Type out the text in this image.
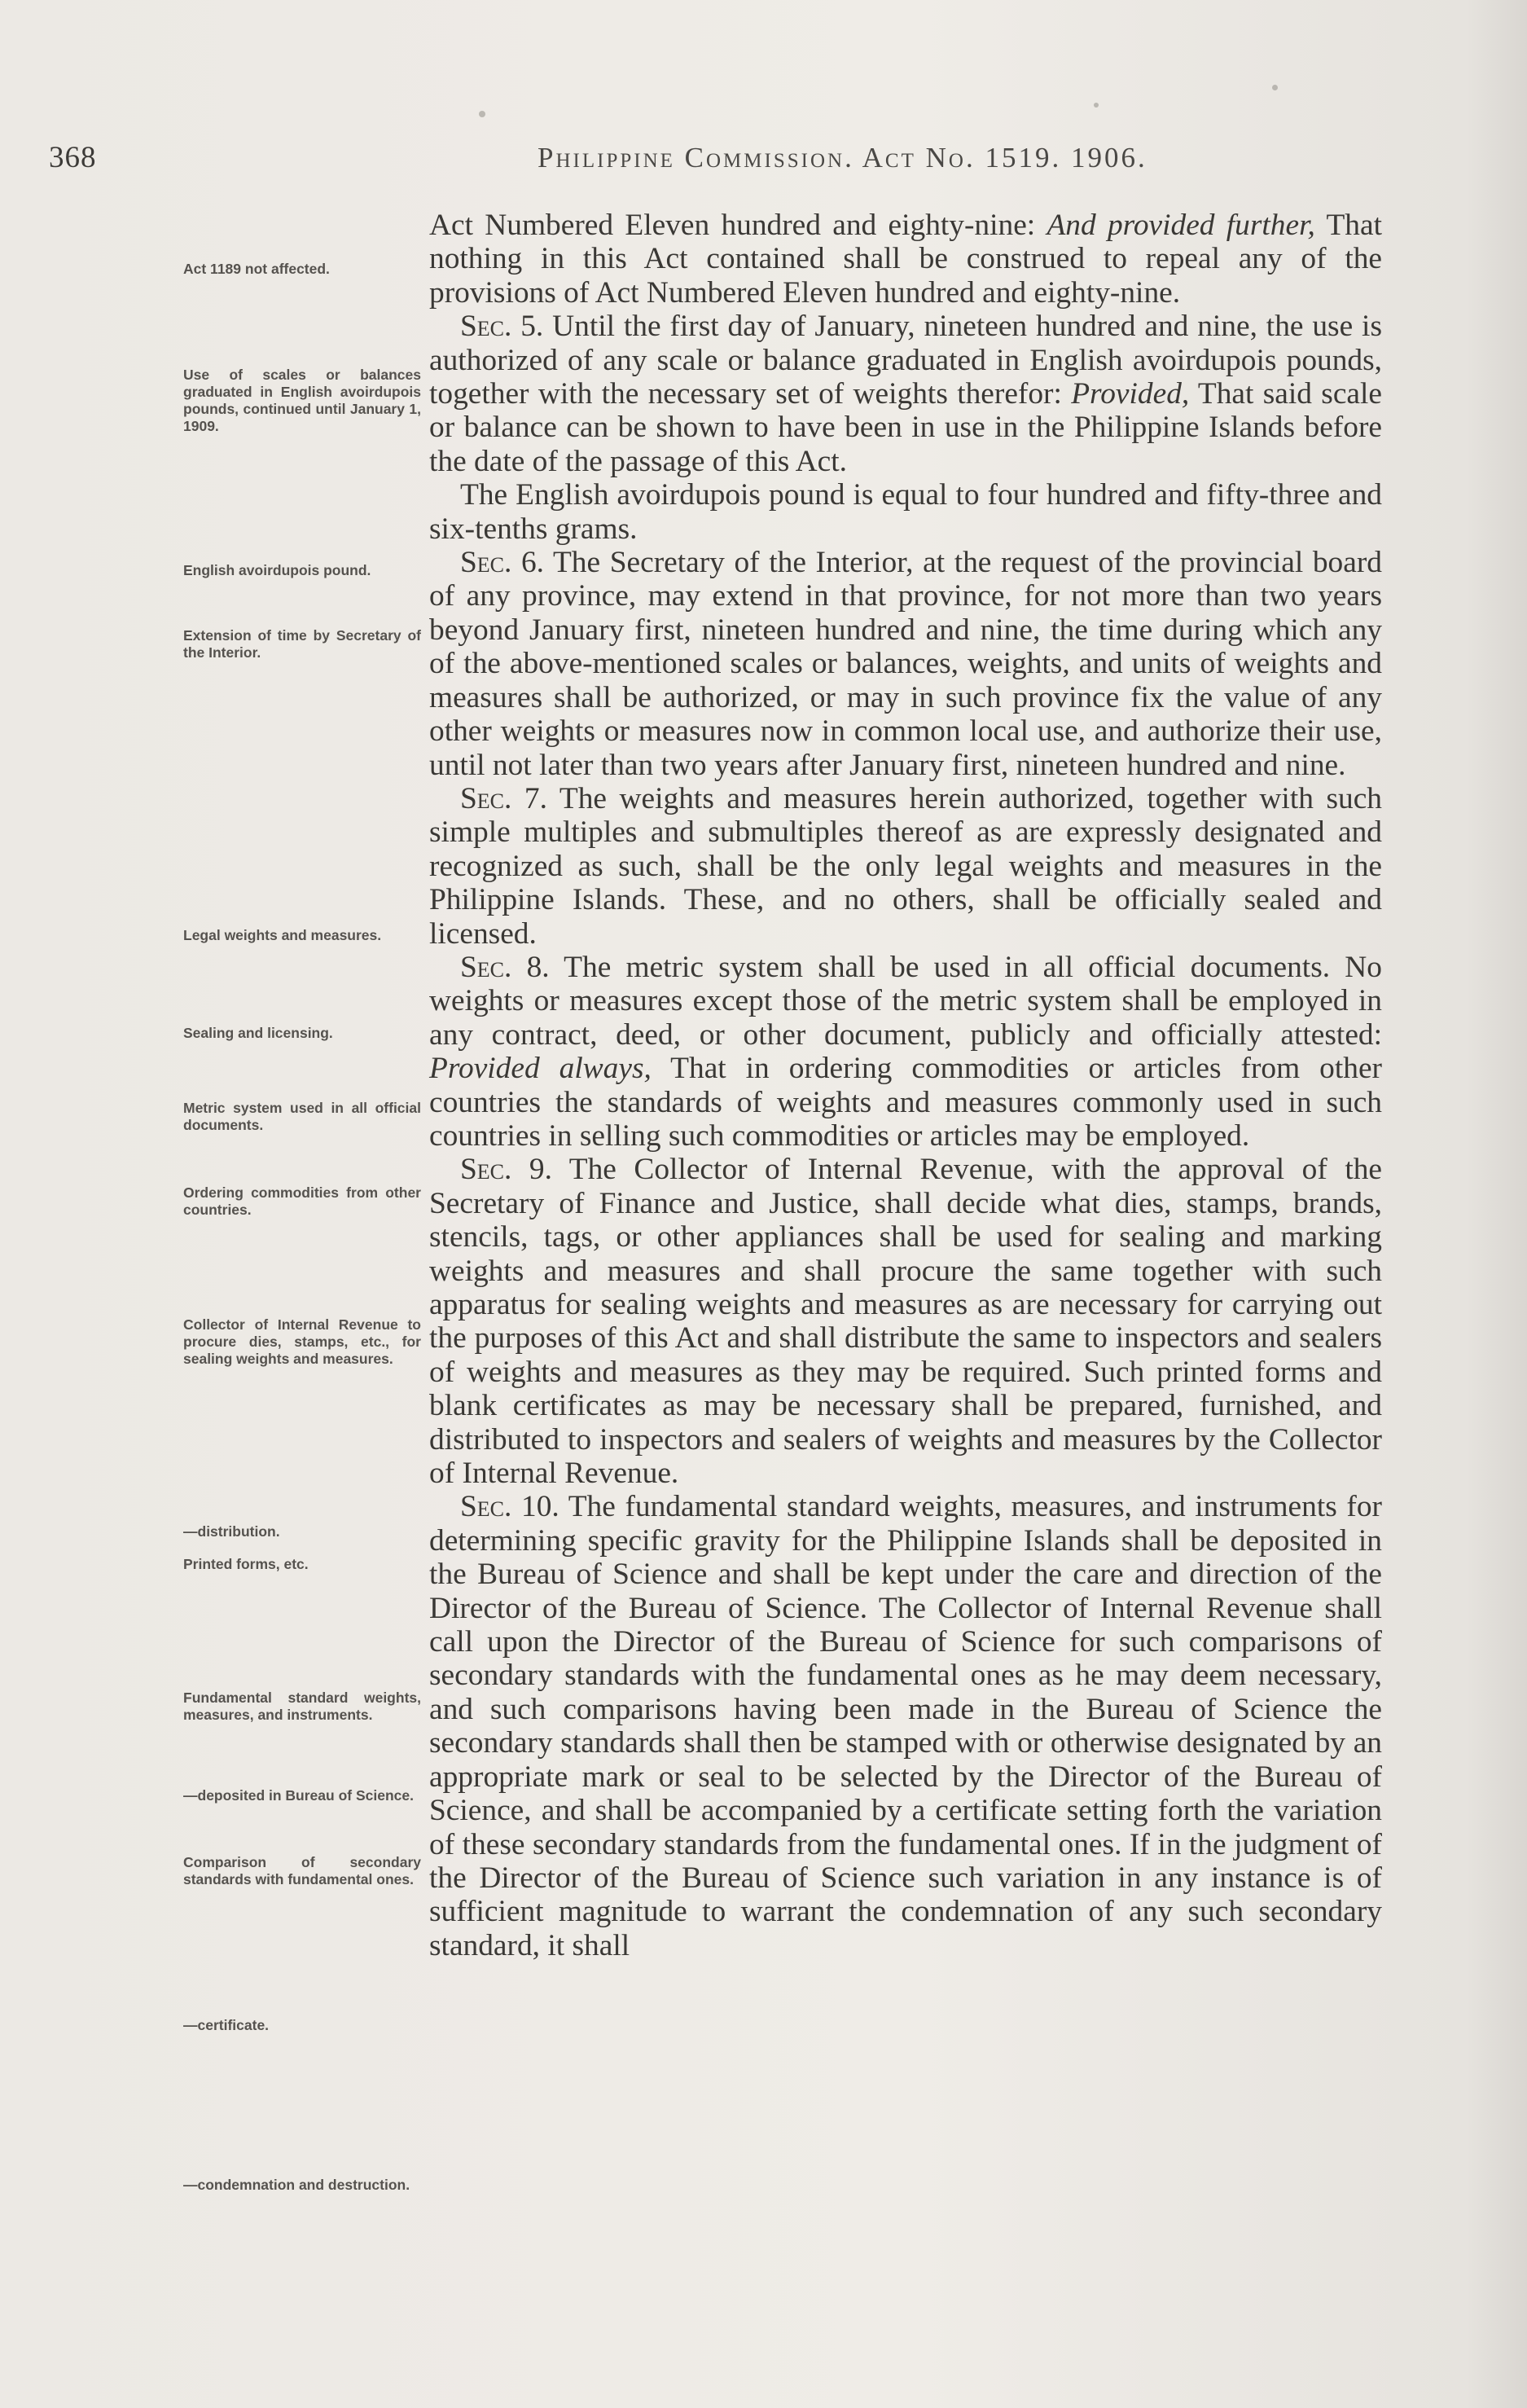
368	Philippine Commission. Act No. 1519. 1906.
Act 1189 not affected.
Use of scales or balances graduated in English avoirdupois pounds, continued until January 1, 1909.
English avoirdupois pound.
Extension of time by Secretary of the Interior.
Legal weights and measures.
Sealing and licensing.
Metric system used in all official documents.
Ordering commodities from other countries.
Collector of Internal Revenue to procure dies, stamps, etc., for sealing weights and measures.
—distribution.
Printed forms, etc.
Fundamental standard weights, measures, and instruments.
—deposited in Bureau of Science.
Comparison of secondary standards with fundamental ones.
—certificate.
—condemnation and destruction.

Act Numbered Eleven hundred and eighty-nine: And provided further, That nothing in this Act contained shall be construed to repeal any of the provisions of Act Numbered Eleven hundred and eighty-nine.

Sec. 5. Until the first day of January, nineteen hundred and nine, the use is authorized of any scale or balance graduated in English avoirdupois pounds, together with the necessary set of weights therefor: Provided, That said scale or balance can be shown to have been in use in the Philippine Islands before the date of the passage of this Act.

The English avoirdupois pound is equal to four hundred and fifty-three and six-tenths grams.

Sec. 6. The Secretary of the Interior, at the request of the provincial board of any province, may extend in that province, for not more than two years beyond January first, nineteen hundred and nine, the time during which any of the above-mentioned scales or balances, weights, and units of weights and measures shall be authorized, or may in such province fix the value of any other weights or measures now in common local use, and authorize their use, until not later than two years after January first, nineteen hundred and nine.

Sec. 7. The weights and measures herein authorized, together with such simple multiples and submultiples thereof as are expressly designated and recognized as such, shall be the only legal weights and measures in the Philippine Islands. These, and no others, shall be officially sealed and licensed.

Sec. 8. The metric system shall be used in all official documents. No weights or measures except those of the metric system shall be employed in any contract, deed, or other document, publicly and officially attested: Provided always, That in ordering commodities or articles from other countries the standards of weights and measures commonly used in such countries in selling such commodities or articles may be employed.

Sec. 9. The Collector of Internal Revenue, with the approval of the Secretary of Finance and Justice, shall decide what dies, stamps, brands, stencils, tags, or other appliances shall be used for sealing and marking weights and measures and shall procure the same together with such apparatus for sealing weights and measures as are necessary for carrying out the purposes of this Act and shall distribute the same to inspectors and sealers of weights and measures as they may be required. Such printed forms and blank certificates as may be necessary shall be prepared, furnished, and distributed to inspectors and sealers of weights and measures by the Collector of Internal Revenue.

Sec. 10. The fundamental standard weights, measures, and instruments for determining specific gravity for the Philippine Islands shall be deposited in the Bureau of Science and shall be kept under the care and direction of the Director of the Bureau of Science. The Collector of Internal Revenue shall call upon the Director of the Bureau of Science for such comparisons of secondary standards with the fundamental ones as he may deem necessary, and such comparisons having been made in the Bureau of Science the secondary standards shall then be stamped with or otherwise designated by an appropriate mark or seal to be selected by the Director of the Bureau of Science, and shall be accompanied by a certificate setting forth the variation of these secondary standards from the fundamental ones. If in the judgment of the Director of the Bureau of Science such variation in any instance is of sufficient magnitude to warrant the condemnation of any such secondary standard, it shall
